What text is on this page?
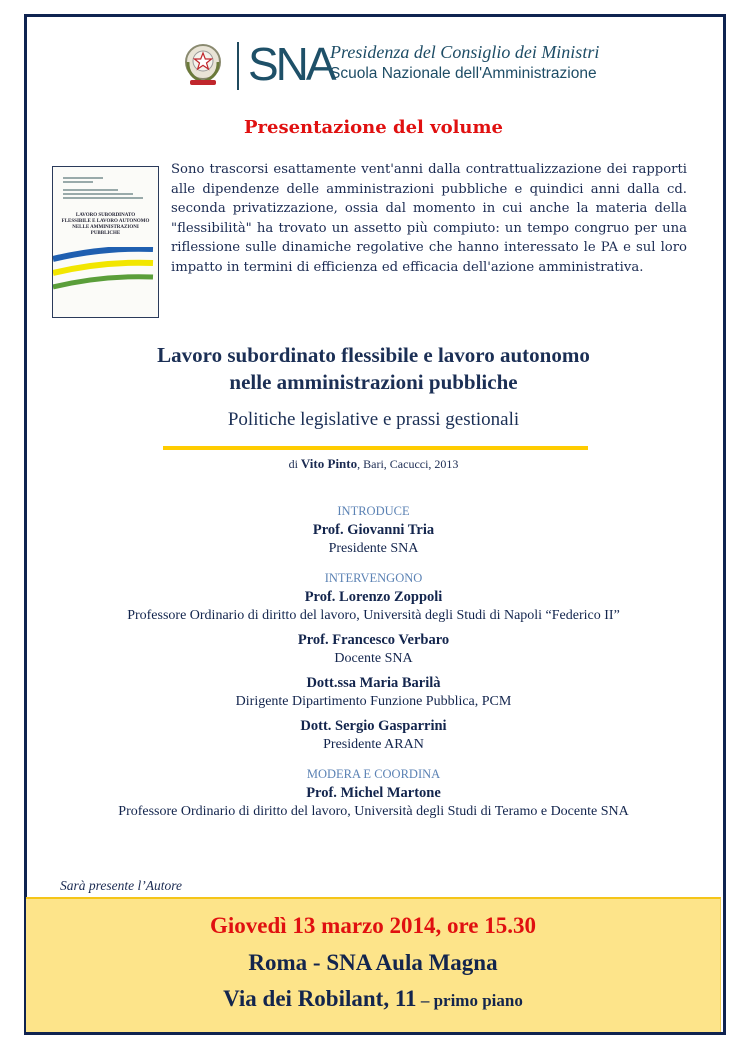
SNA
Presidenza del Consiglio dei Ministri
Scuola Nazionale dell'Amministrazione
Presentazione del volume
LAVORO SUBORDINATO FLESSIBILE E LAVORO AUTONOMO NELLE AMMINISTRAZIONI PUBBLICHE
Sono trascorsi esattamente vent'anni dalla contrattualizzazione dei rapporti alle dipendenze delle amministrazioni pubbliche e quindici anni dalla cd. seconda privatizzazione, ossia dal momento in cui anche la materia della "flessibilità" ha trovato un assetto più compiuto: un tempo congruo per una riflessione sulle dinamiche regolative che hanno interessato le PA e sul loro impatto in termini di efficienza ed efficacia dell'azione amministrativa.
Lavoro subordinato flessibile e lavoro autonomo
nelle amministrazioni pubbliche
Politiche legislative e prassi gestionali
di Vito Pinto, Bari, Cacucci, 2013
INTRODUCE
Prof. Giovanni Tria
Presidente SNA
INTERVENGONO
Prof. Lorenzo Zoppoli
Professore Ordinario di diritto del lavoro, Università degli Studi di Napoli “Federico II”
Prof. Francesco Verbaro
Docente SNA
Dott.ssa Maria Barilà
Dirigente Dipartimento Funzione Pubblica, PCM
Dott. Sergio Gasparrini
Presidente ARAN
MODERA E COORDINA
Prof. Michel Martone
Professore Ordinario di diritto del lavoro, Università degli Studi di Teramo e Docente SNA
Sarà presente l’Autore
Giovedì 13 marzo 2014, ore 15.30
Roma - SNA Aula Magna
Via dei Robilant, 11 – primo piano
